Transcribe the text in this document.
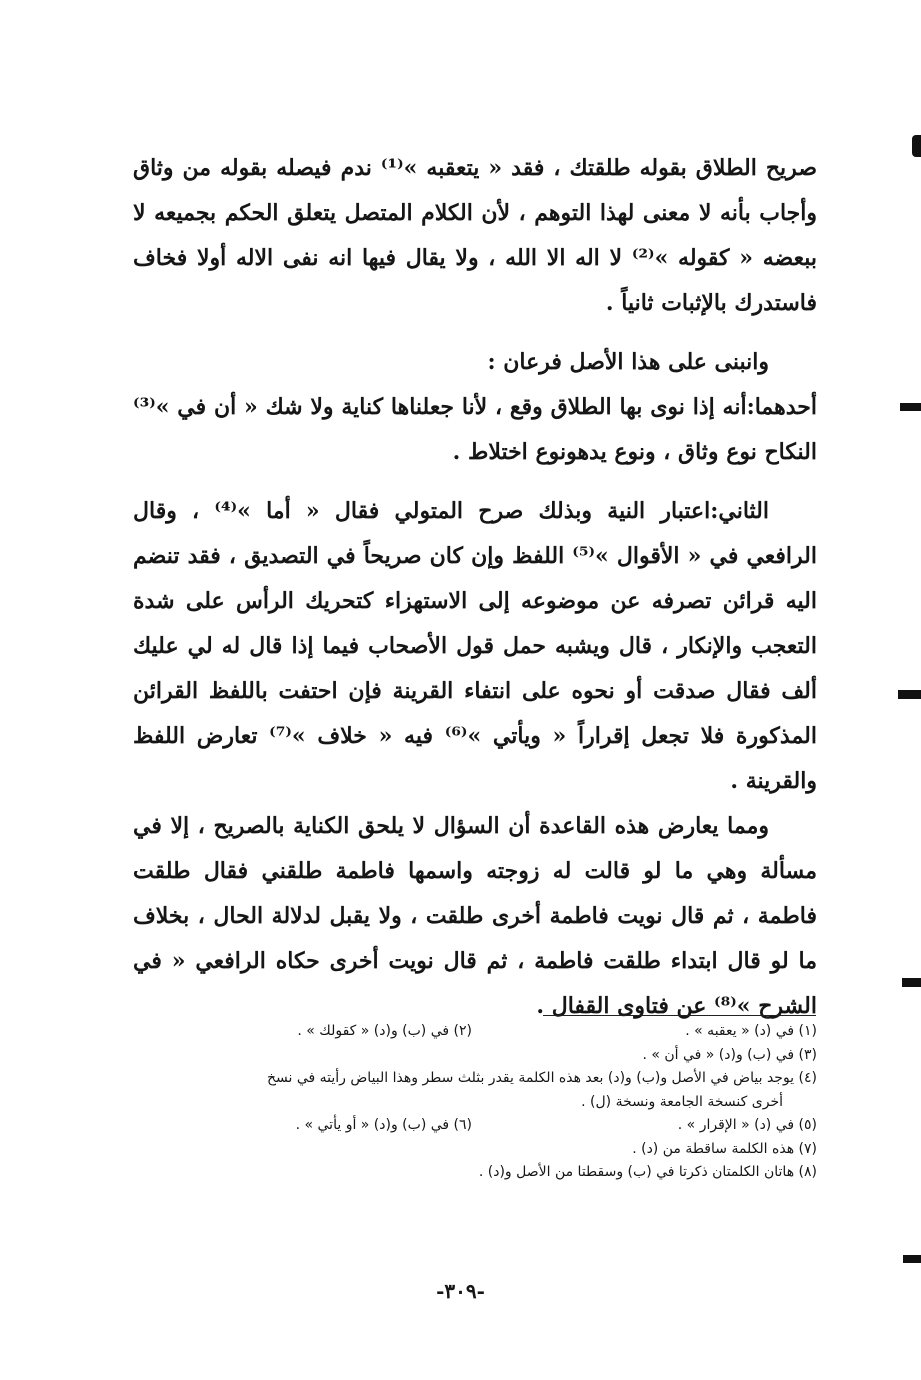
صريح الطلاق بقوله طلقتك ، فقد « يتعقبه »⁽¹⁾ ندم فيصله بقوله من وثاق وأجاب بأنه لا معنى لهذا التوهم ، لأن الكلام المتصل يتعلق الحكم بجميعه لا ببعضه « كقوله »⁽²⁾ لا اله الا الله ، ولا يقال فيها انه نفى الاله أولا فخاف فاستدرك بالإثبات ثانياً .

وانبنى على هذا الأصل فرعان :

أحدهما:أنه إذا نوى بها الطلاق وقع ، لأنا جعلناها كناية ولا شك « أن في »⁽³⁾ النكاح نوع وثاق ، ونوع يدهونوع اختلاط .

الثاني:اعتبار النية وبذلك صرح المتولي فقال « أما »⁽⁴⁾ ، وقال الرافعي في « الأقوال »⁽⁵⁾ اللفظ وإن كان صريحاً في التصديق ، فقد تنضم اليه قرائن تصرفه عن موضوعه إلى الاستهزاء كتحريك الرأس على شدة التعجب والإنكار ، قال ويشبه حمل قول الأصحاب فيما إذا قال له لي عليك ألف فقال صدقت أو نحوه على انتفاء القرينة فإن احتفت باللفظ القرائن المذكورة فلا تجعل إقراراً « ويأتي »⁽⁶⁾ فيه « خلاف »⁽⁷⁾ تعارض اللفظ والقرينة .

ومما يعارض هذه القاعدة أن السؤال لا يلحق الكناية بالصريح ، إلا في مسألة وهي ما لو قالت له زوجته واسمها فاطمة طلقني فقال طلقت فاطمة ، ثم قال نويت فاطمة أخرى طلقت ، ولا يقبل لدلالة الحال ، بخلاف ما لو قال ابتداء طلقت فاطمة ، ثم قال نويت أخرى حكاه الرافعي « في الشرح »⁽⁸⁾ عن فتاوى القفال .

(١) في (د) « يعقبه » .
(٢) في (ب) و(د) « كقولك » .
(٣) في (ب) و(د) « في أن » .
(٤) يوجد بياض في الأصل و(ب) و(د) بعد هذه الكلمة يقدر بثلث سطر وهذا البياض رأيته في نسخ
أخرى كنسخة الجامعة ونسخة (ل) .
(٥) في (د) « الإقرار » .
(٦) في (ب) و(د) « أو يأتي » .
(٧) هذه الكلمة ساقطة من (د) .
(٨) هاتان الكلمتان ذكرتا في (ب) وسقطتا من الأصل و(د) .
-٣٠٩-
